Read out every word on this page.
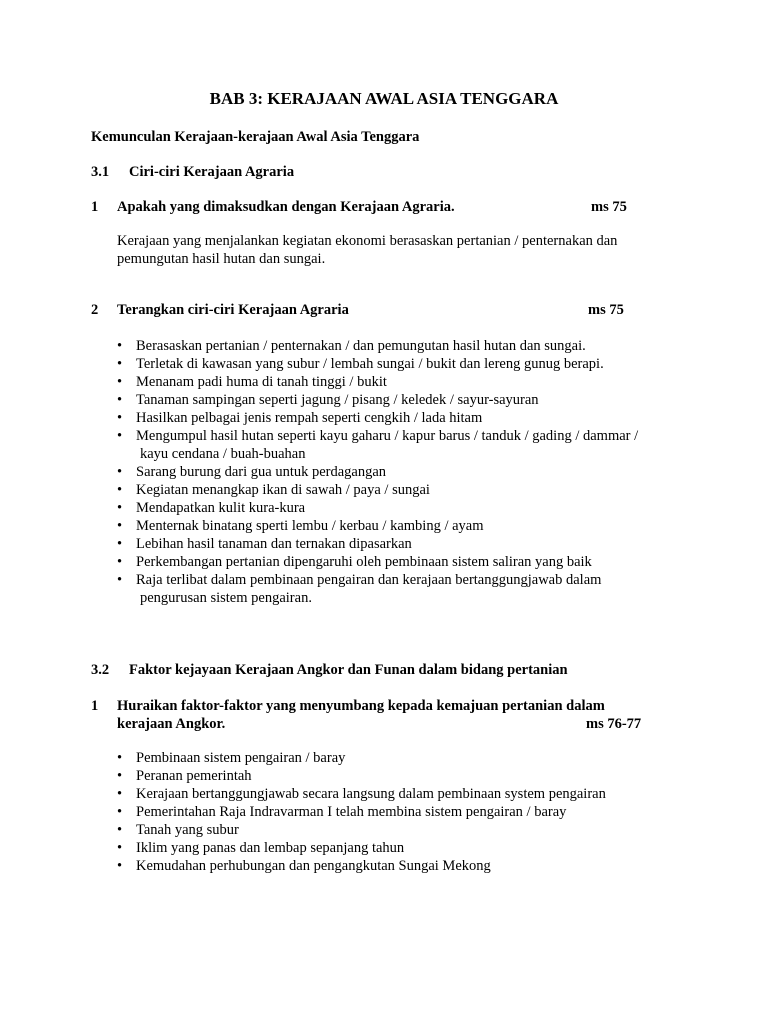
BAB 3: KERAJAAN AWAL ASIA TENGGARA

Kemunculan Kerajaan-kerajaan Awal Asia Tenggara

3.1 Ciri-ciri Kerajaan Agraria

1 Apakah yang dimaksudkan dengan Kerajaan Agraria.	ms 75

Kerajaan yang menjalankan kegiatan ekonomi berasaskan pertanian / penternakan dan

pemungutan hasil hutan dan sungai.

2 Terangkan ciri-ciri Kerajaan Agraria	ms 75

• Berasaskan pertanian / penternakan / dan pemungutan hasil hutan dan sungai.
• Terletak di kawasan yang subur / lembah sungai / bukit dan lereng gunug berapi.
• Menanam padi huma di tanah tinggi / bukit
• Tanaman sampingan seperti jagung / pisang / keledek / sayur-sayuran
• Hasilkan pelbagai jenis rempah seperti cengkih / lada hitam
• Mengumpul hasil hutan seperti kayu gaharu / kapur barus / tanduk / gading / dammar /
kayu cendana / buah-buahan
• Sarang burung dari gua untuk perdagangan
• Kegiatan menangkap ikan di sawah / paya / sungai
• Mendapatkan kulit kura-kura
• Menternak binatang sperti lembu / kerbau / kambing / ayam
• Lebihan hasil tanaman dan ternakan dipasarkan
• Perkembangan pertanian dipengaruhi oleh pembinaan sistem saliran yang baik
• Raja terlibat dalam pembinaan pengairan dan kerajaan bertanggungjawab dalam
pengurusan sistem pengairan.

3.2 Faktor kejayaan Kerajaan Angkor dan Funan dalam bidang pertanian

1 Huraikan faktor-faktor yang menyumbang kepada kemajuan pertanian dalam

kerajaan Angkor.	ms 76-77

• Pembinaan sistem pengairan / baray
• Peranan pemerintah
• Kerajaan bertanggungjawab secara langsung dalam pembinaan system pengairan
• Pemerintahan Raja Indravarman I telah membina sistem pengairan / baray
• Tanah yang subur
• Iklim yang panas dan lembap sepanjang tahun
• Kemudahan perhubungan dan pengangkutan Sungai Mekong
